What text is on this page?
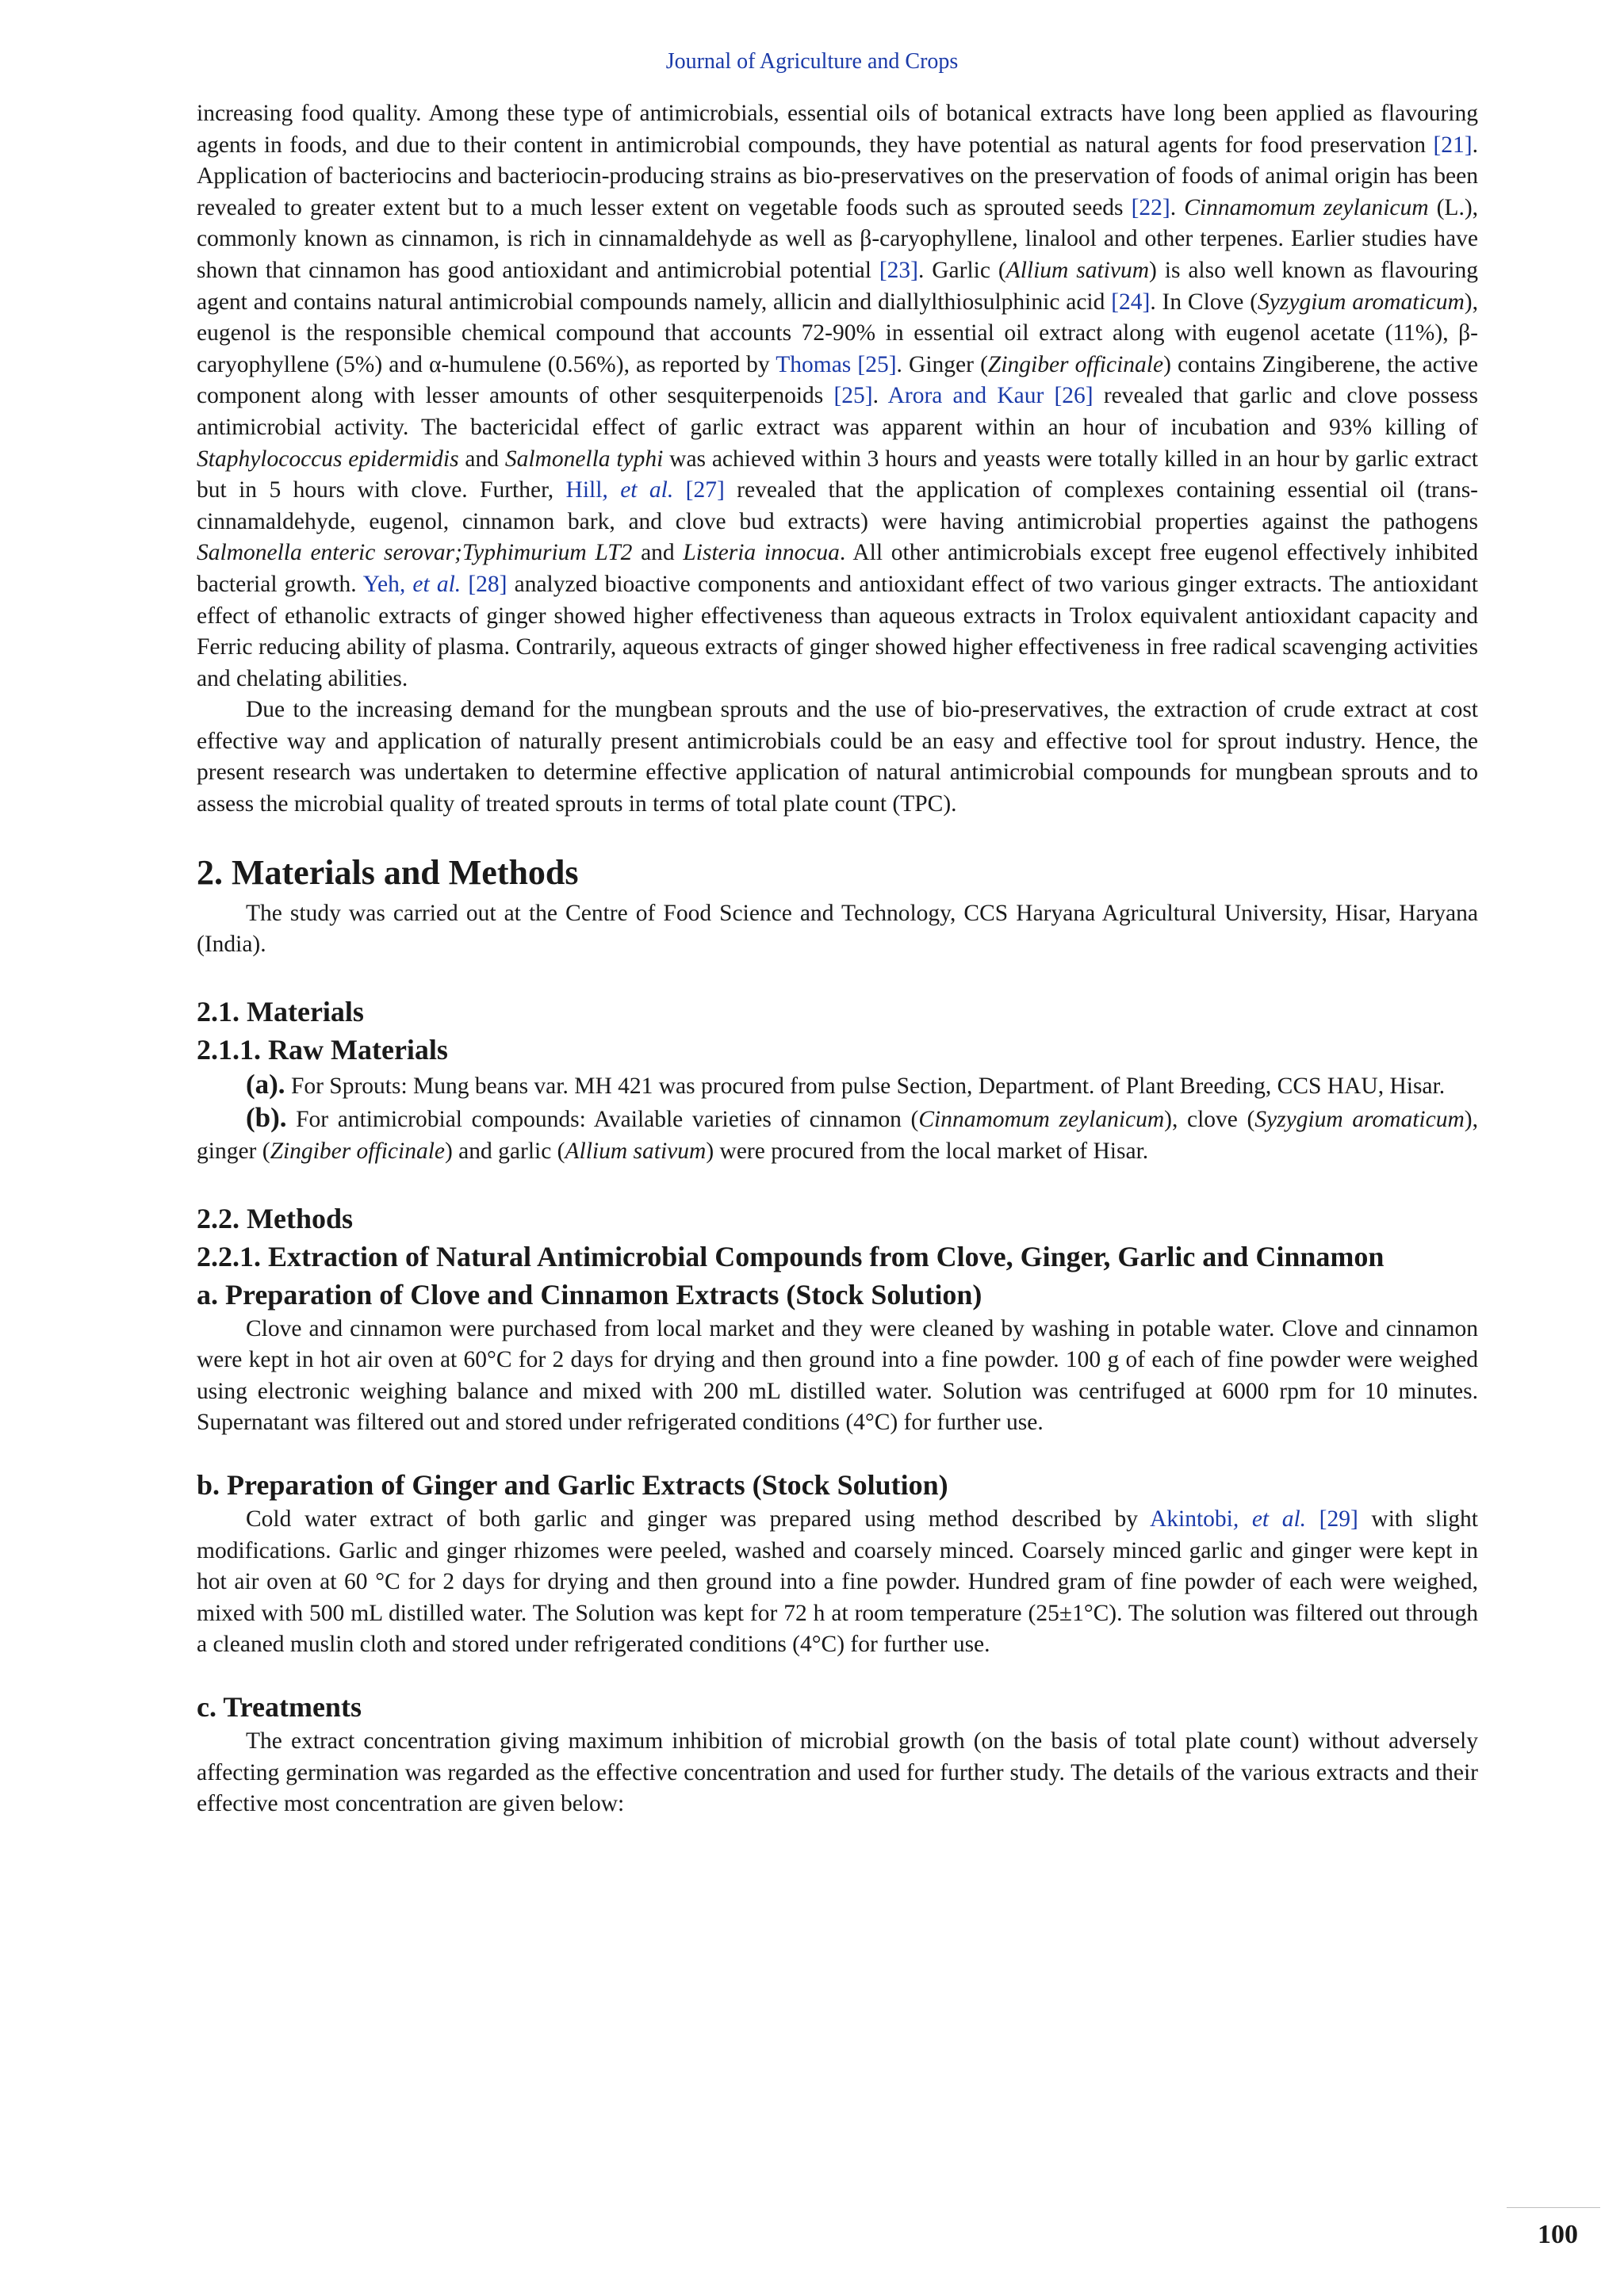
Journal of Agriculture and Crops

increasing food quality. Among these type of antimicrobials, essential oils of botanical extracts have long been applied as flavouring agents in foods, and due to their content in antimicrobial compounds, they have potential as natural agents for food preservation [21]. Application of bacteriocins and bacteriocin-producing strains as bio-preservatives on the preservation of foods of animal origin has been revealed to greater extent but to a much lesser extent on vegetable foods such as sprouted seeds [22]. Cinnamomum zeylanicum (L.), commonly known as cinnamon, is rich in cinnamaldehyde as well as β-caryophyllene, linalool and other terpenes. Earlier studies have shown that cinnamon has good antioxidant and antimicrobial potential [23]. Garlic (Allium sativum) is also well known as flavouring agent and contains natural antimicrobial compounds namely, allicin and diallylthiosulphinic acid [24]. In Clove (Syzygium aromaticum), eugenol is the responsible chemical compound that accounts 72-90% in essential oil extract along with eugenol acetate (11%), β-caryophyllene (5%) and α-humulene (0.56%), as reported by Thomas [25]. Ginger (Zingiber officinale) contains Zingiberene, the active component along with lesser amounts of other sesquiterpenoids [25]. Arora and Kaur [26] revealed that garlic and clove possess antimicrobial activity. The bactericidal effect of garlic extract was apparent within an hour of incubation and 93% killing of Staphylococcus epidermidis and Salmonella typhi was achieved within 3 hours and yeasts were totally killed in an hour by garlic extract but in 5 hours with clove. Further, Hill, et al. [27] revealed that the application of complexes containing essential oil (trans-cinnamaldehyde, eugenol, cinnamon bark, and clove bud extracts) were having antimicrobial properties against the pathogens Salmonella enteric serovar;Typhimurium LT2 and Listeria innocua. All other antimicrobials except free eugenol effectively inhibited bacterial growth. Yeh, et al. [28] analyzed bioactive components and antioxidant effect of two various ginger extracts. The antioxidant effect of ethanolic extracts of ginger showed higher effectiveness than aqueous extracts in Trolox equivalent antioxidant capacity and Ferric reducing ability of plasma. Contrarily, aqueous extracts of ginger showed higher effectiveness in free radical scavenging activities and chelating abilities.

Due to the increasing demand for the mungbean sprouts and the use of bio-preservatives, the extraction of crude extract at cost effective way and application of naturally present antimicrobials could be an easy and effective tool for sprout industry. Hence, the present research was undertaken to determine effective application of natural antimicrobial compounds for mungbean sprouts and to assess the microbial quality of treated sprouts in terms of total plate count (TPC).

2. Materials and Methods

The study was carried out at the Centre of Food Science and Technology, CCS Haryana Agricultural University, Hisar, Haryana (India).

2.1. Materials
2.1.1. Raw Materials

(a). For Sprouts: Mung beans var. MH 421 was procured from pulse Section, Department. of Plant Breeding, CCS HAU, Hisar.

(b). For antimicrobial compounds: Available varieties of cinnamon (Cinnamomum zeylanicum), clove (Syzygium aromaticum), ginger (Zingiber officinale) and garlic (Allium sativum) were procured from the local market of Hisar.

2.2. Methods
2.2.1. Extraction of Natural Antimicrobial Compounds from Clove, Ginger, Garlic and Cinnamon
a. Preparation of Clove and Cinnamon Extracts (Stock Solution)

Clove and cinnamon were purchased from local market and they were cleaned by washing in potable water. Clove and cinnamon were kept in hot air oven at 60°C for 2 days for drying and then ground into a fine powder. 100 g of each of fine powder were weighed using electronic weighing balance and mixed with 200 mL distilled water. Solution was centrifuged at 6000 rpm for 10 minutes. Supernatant was filtered out and stored under refrigerated conditions (4°C) for further use.

b. Preparation of Ginger and Garlic Extracts (Stock Solution)

Cold water extract of both garlic and ginger was prepared using method described by Akintobi, et al. [29] with slight modifications. Garlic and ginger rhizomes were peeled, washed and coarsely minced. Coarsely minced garlic and ginger were kept in hot air oven at 60 °C for 2 days for drying and then ground into a fine powder. Hundred gram of fine powder of each were weighed, mixed with 500 mL distilled water. The Solution was kept for 72 h at room temperature (25±1°C). The solution was filtered out through a cleaned muslin cloth and stored under refrigerated conditions (4°C) for further use.

c. Treatments

The extract concentration giving maximum inhibition of microbial growth (on the basis of total plate count) without adversely affecting germination was regarded as the effective concentration and used for further study. The details of the various extracts and their effective most concentration are given below:

100
